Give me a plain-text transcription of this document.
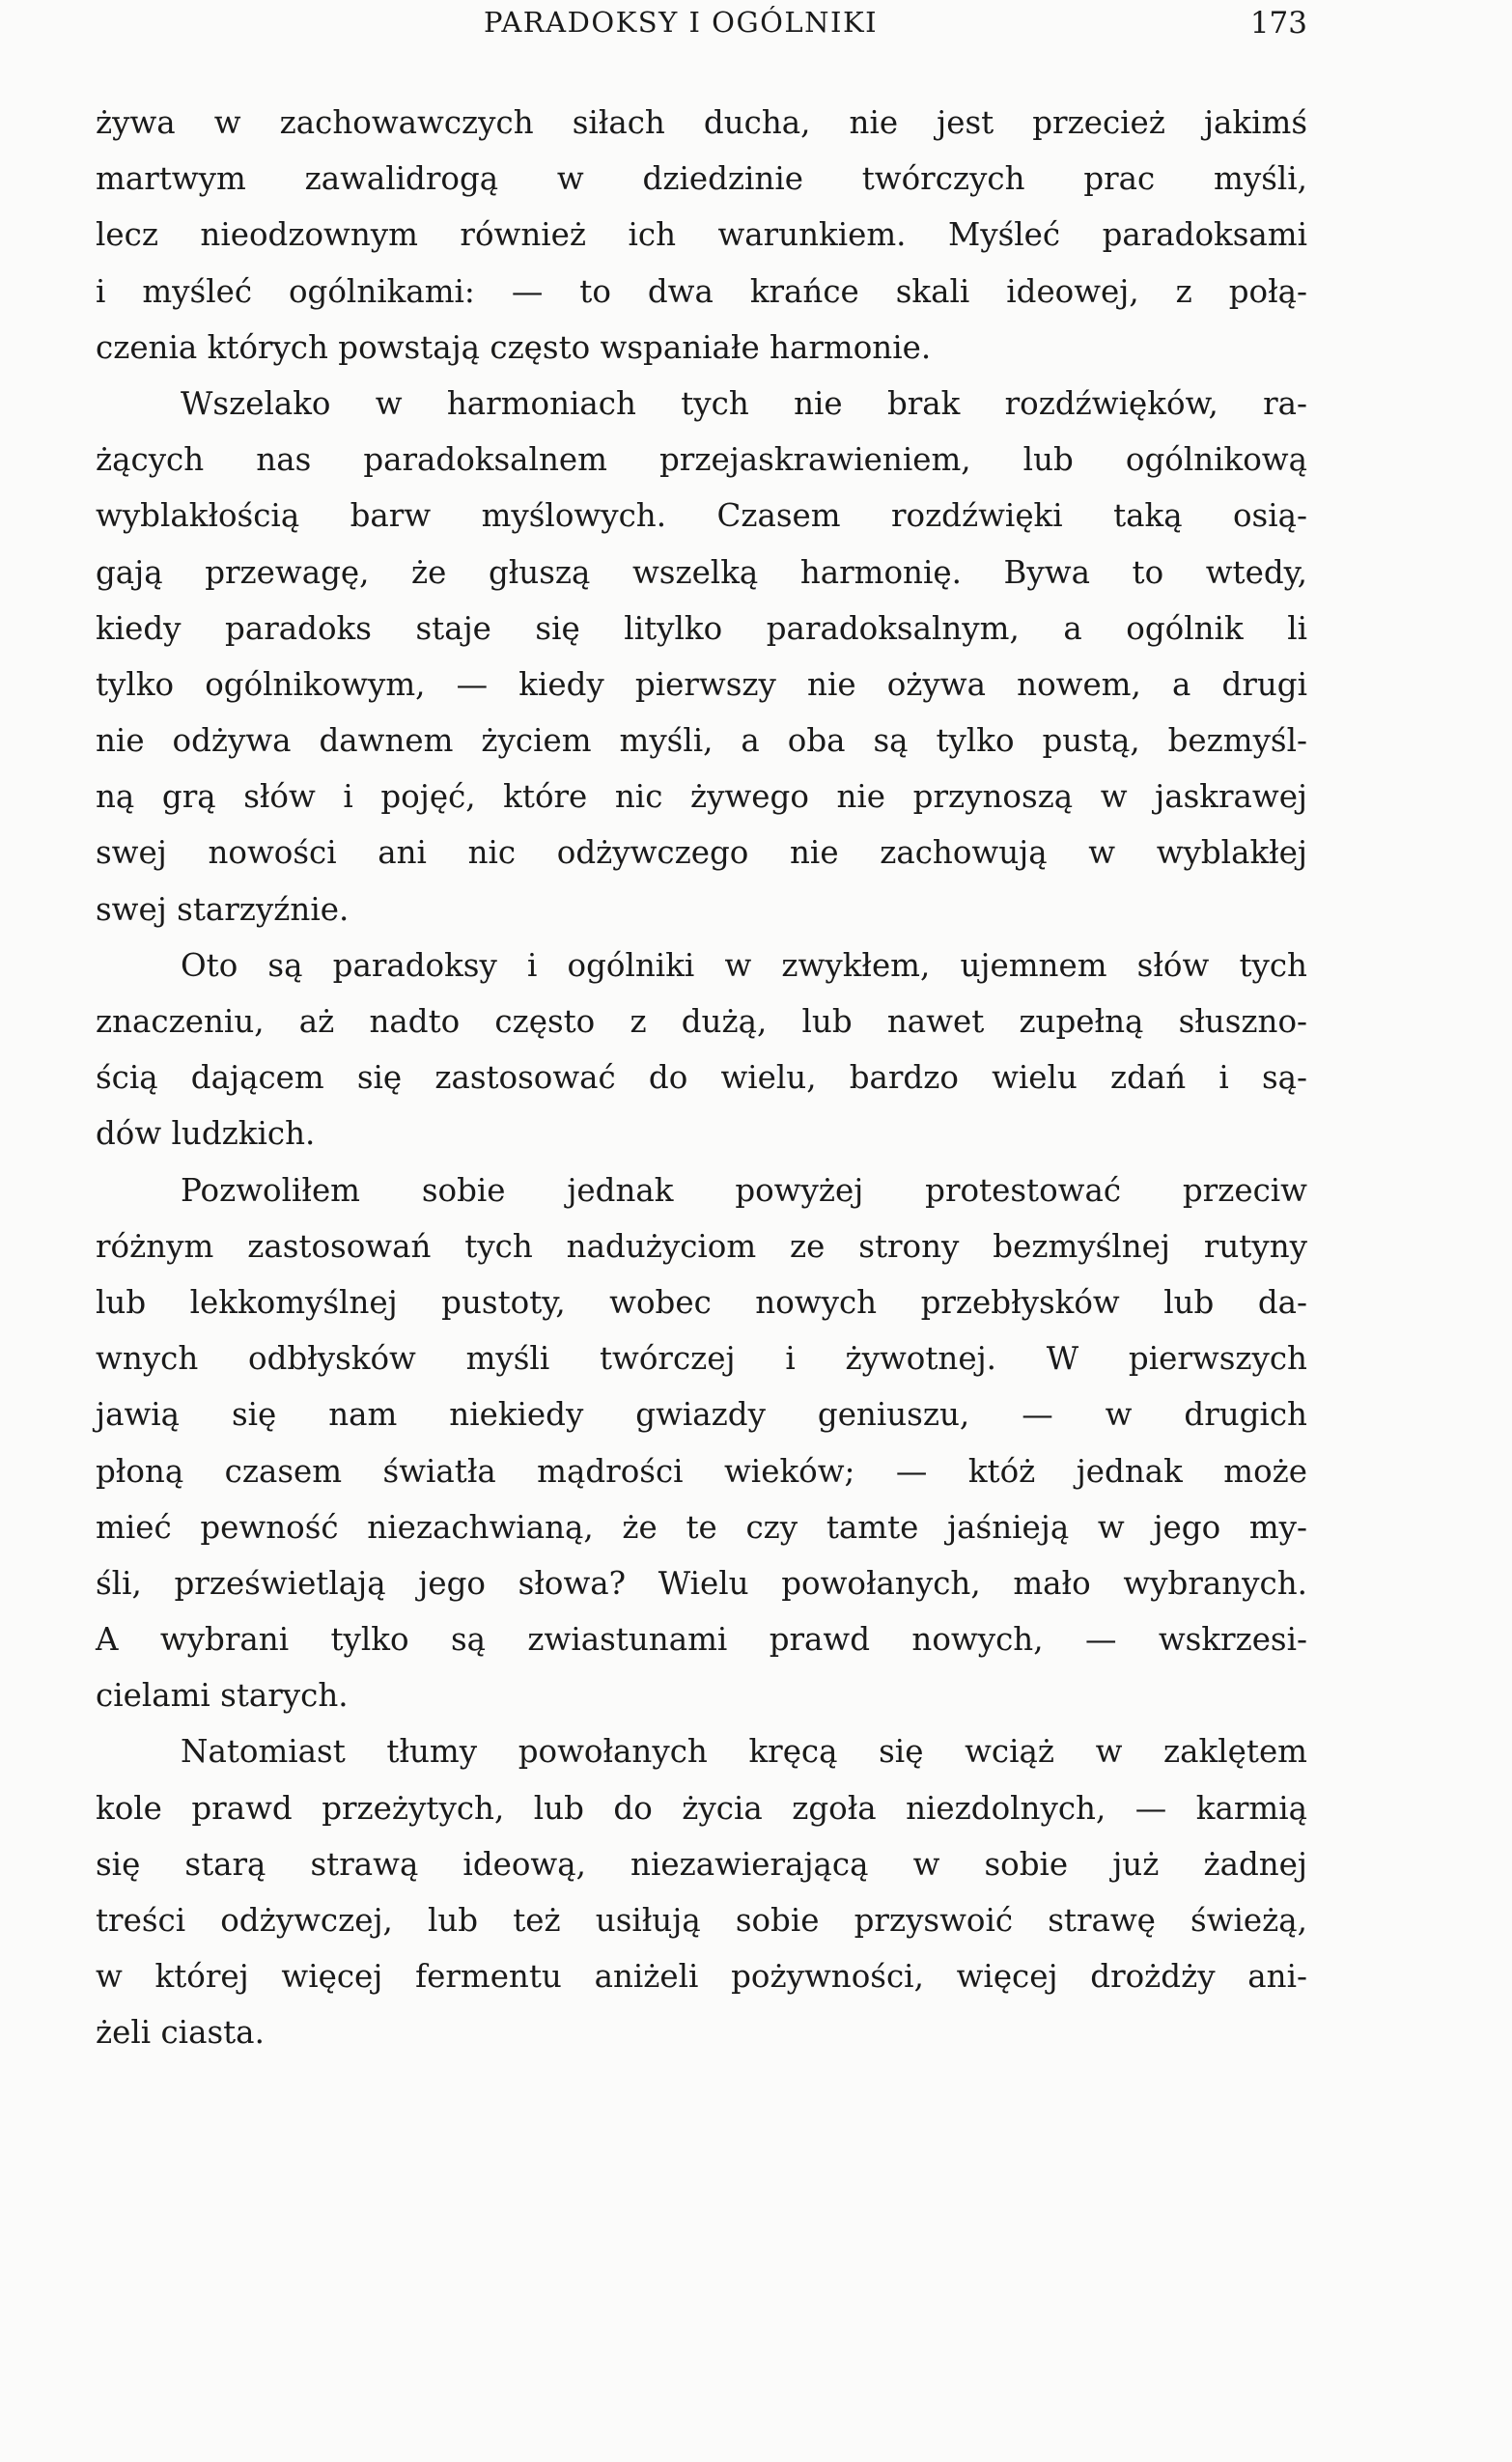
PARADOKSY I OGÓLNIKI	173
żywa w zachowawczych siłach ducha, nie jest przecież jakimś
martwym zawalidrogą w dziedzinie twórczych prac myśli,
lecz nieodzownym również ich warunkiem. Myśleć paradoksami
i myśleć ogólnikami: — to dwa krańce skali ideowej, z połą-
czenia których powstają często wspaniałe harmonie.
Wszelako w harmoniach tych nie brak rozdźwięków, ra-
żących nas paradoksalnem przejaskrawieniem, lub ogólnikową
wyblakłością barw myślowych. Czasem rozdźwięki taką osią-
gają przewagę, że głuszą wszelką harmonię. Bywa to wtedy,
kiedy paradoks staje się litylko paradoksalnym, a ogólnik li
tylko ogólnikowym, — kiedy pierwszy nie ożywa nowem, a drugi
nie odżywa dawnem życiem myśli, a oba są tylko pustą, bezmyśl-
ną grą słów i pojęć, które nic żywego nie przynoszą w jaskrawej
swej nowości ani nic odżywczego nie zachowują w wyblakłej
swej starzyźnie.
Oto są paradoksy i ogólniki w zwykłem, ujemnem słów tych
znaczeniu, aż nadto często z dużą, lub nawet zupełną słuszno-
ścią dającem się zastosować do wielu, bardzo wielu zdań i są-
dów ludzkich.
Pozwoliłem sobie jednak powyżej protestować przeciw
różnym zastosowań tych nadużyciom ze strony bezmyślnej rutyny
lub lekkomyślnej pustoty, wobec nowych przebłysków lub da-
wnych odbłysków myśli twórczej i żywotnej. W pierwszych
jawią się nam niekiedy gwiazdy geniuszu, — w drugich
płoną czasem światła mądrości wieków; — któż jednak może
mieć pewność niezachwianą, że te czy tamte jaśnieją w jego my-
śli, prześwietlają jego słowa? Wielu powołanych, mało wybranych.
A wybrani tylko są zwiastunami prawd nowych, — wskrzesi-
cielami starych.
Natomiast tłumy powołanych kręcą się wciąż w zaklętem
kole prawd przeżytych, lub do życia zgoła niezdolnych, — karmią
się starą strawą ideową, niezawierającą w sobie już żadnej
treści odżywczej, lub też usiłują sobie przyswoić strawę świeżą,
w której więcej fermentu aniżeli pożywności, więcej drożdży ani-
żeli ciasta.
